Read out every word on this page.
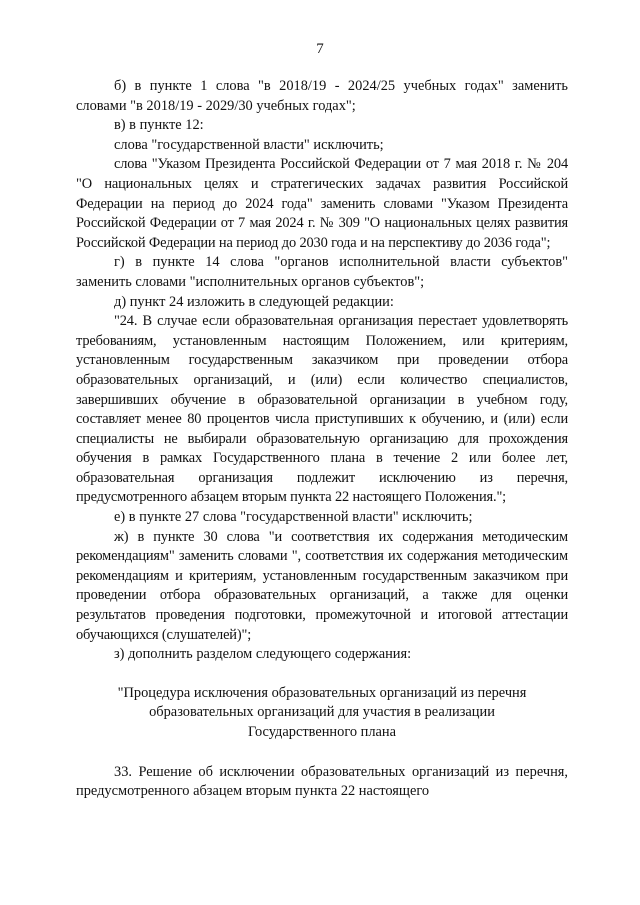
7

б) в пункте 1 слова "в 2018/19 - 2024/25 учебных годах" заменить словами "в 2018/19 - 2029/30 учебных годах";

в) в пункте 12:

слова "государственной власти" исключить;

слова "Указом Президента Российской Федерации от 7 мая 2018 г. № 204 "О национальных целях и стратегических задачах развития Российской Федерации на период до 2024 года" заменить словами "Указом Президента Российской Федерации от 7 мая 2024 г. № 309 "О национальных целях развития Российской Федерации на период до 2030 года и на перспективу до 2036 года";

г) в пункте 14 слова "органов исполнительной власти субъектов" заменить словами "исполнительных органов субъектов";

д) пункт 24 изложить в следующей редакции:

"24. В случае если образовательная организация перестает удовлетворять требованиям, установленным настоящим Положением, или критериям, установленным государственным заказчиком при проведении отбора образовательных организаций, и (или) если количество специалистов, завершивших обучение в образовательной организации в учебном году, составляет менее 80 процентов числа приступивших к обучению, и (или) если специалисты не выбирали образовательную организацию для прохождения обучения в рамках Государственного плана в течение 2 или более лет, образовательная организация подлежит исключению из перечня, предусмотренного абзацем вторым пункта 22 настоящего Положения.";

е) в пункте 27 слова "государственной власти" исключить;

ж) в пункте 30 слова "и соответствия их содержания методическим рекомендациям" заменить словами ", соответствия их содержания методическим рекомендациям и критериям, установленным государственным заказчиком при проведении отбора образовательных организаций, а также для оценки результатов проведения подготовки, промежуточной и итоговой аттестации обучающихся (слушателей)";

з) дополнить разделом следующего содержания:

"Процедура исключения образовательных организаций из перечня
образовательных организаций для участия в реализации
Государственного плана

33. Решение об исключении образовательных организаций из перечня, предусмотренного абзацем вторым пункта 22 настоящего
